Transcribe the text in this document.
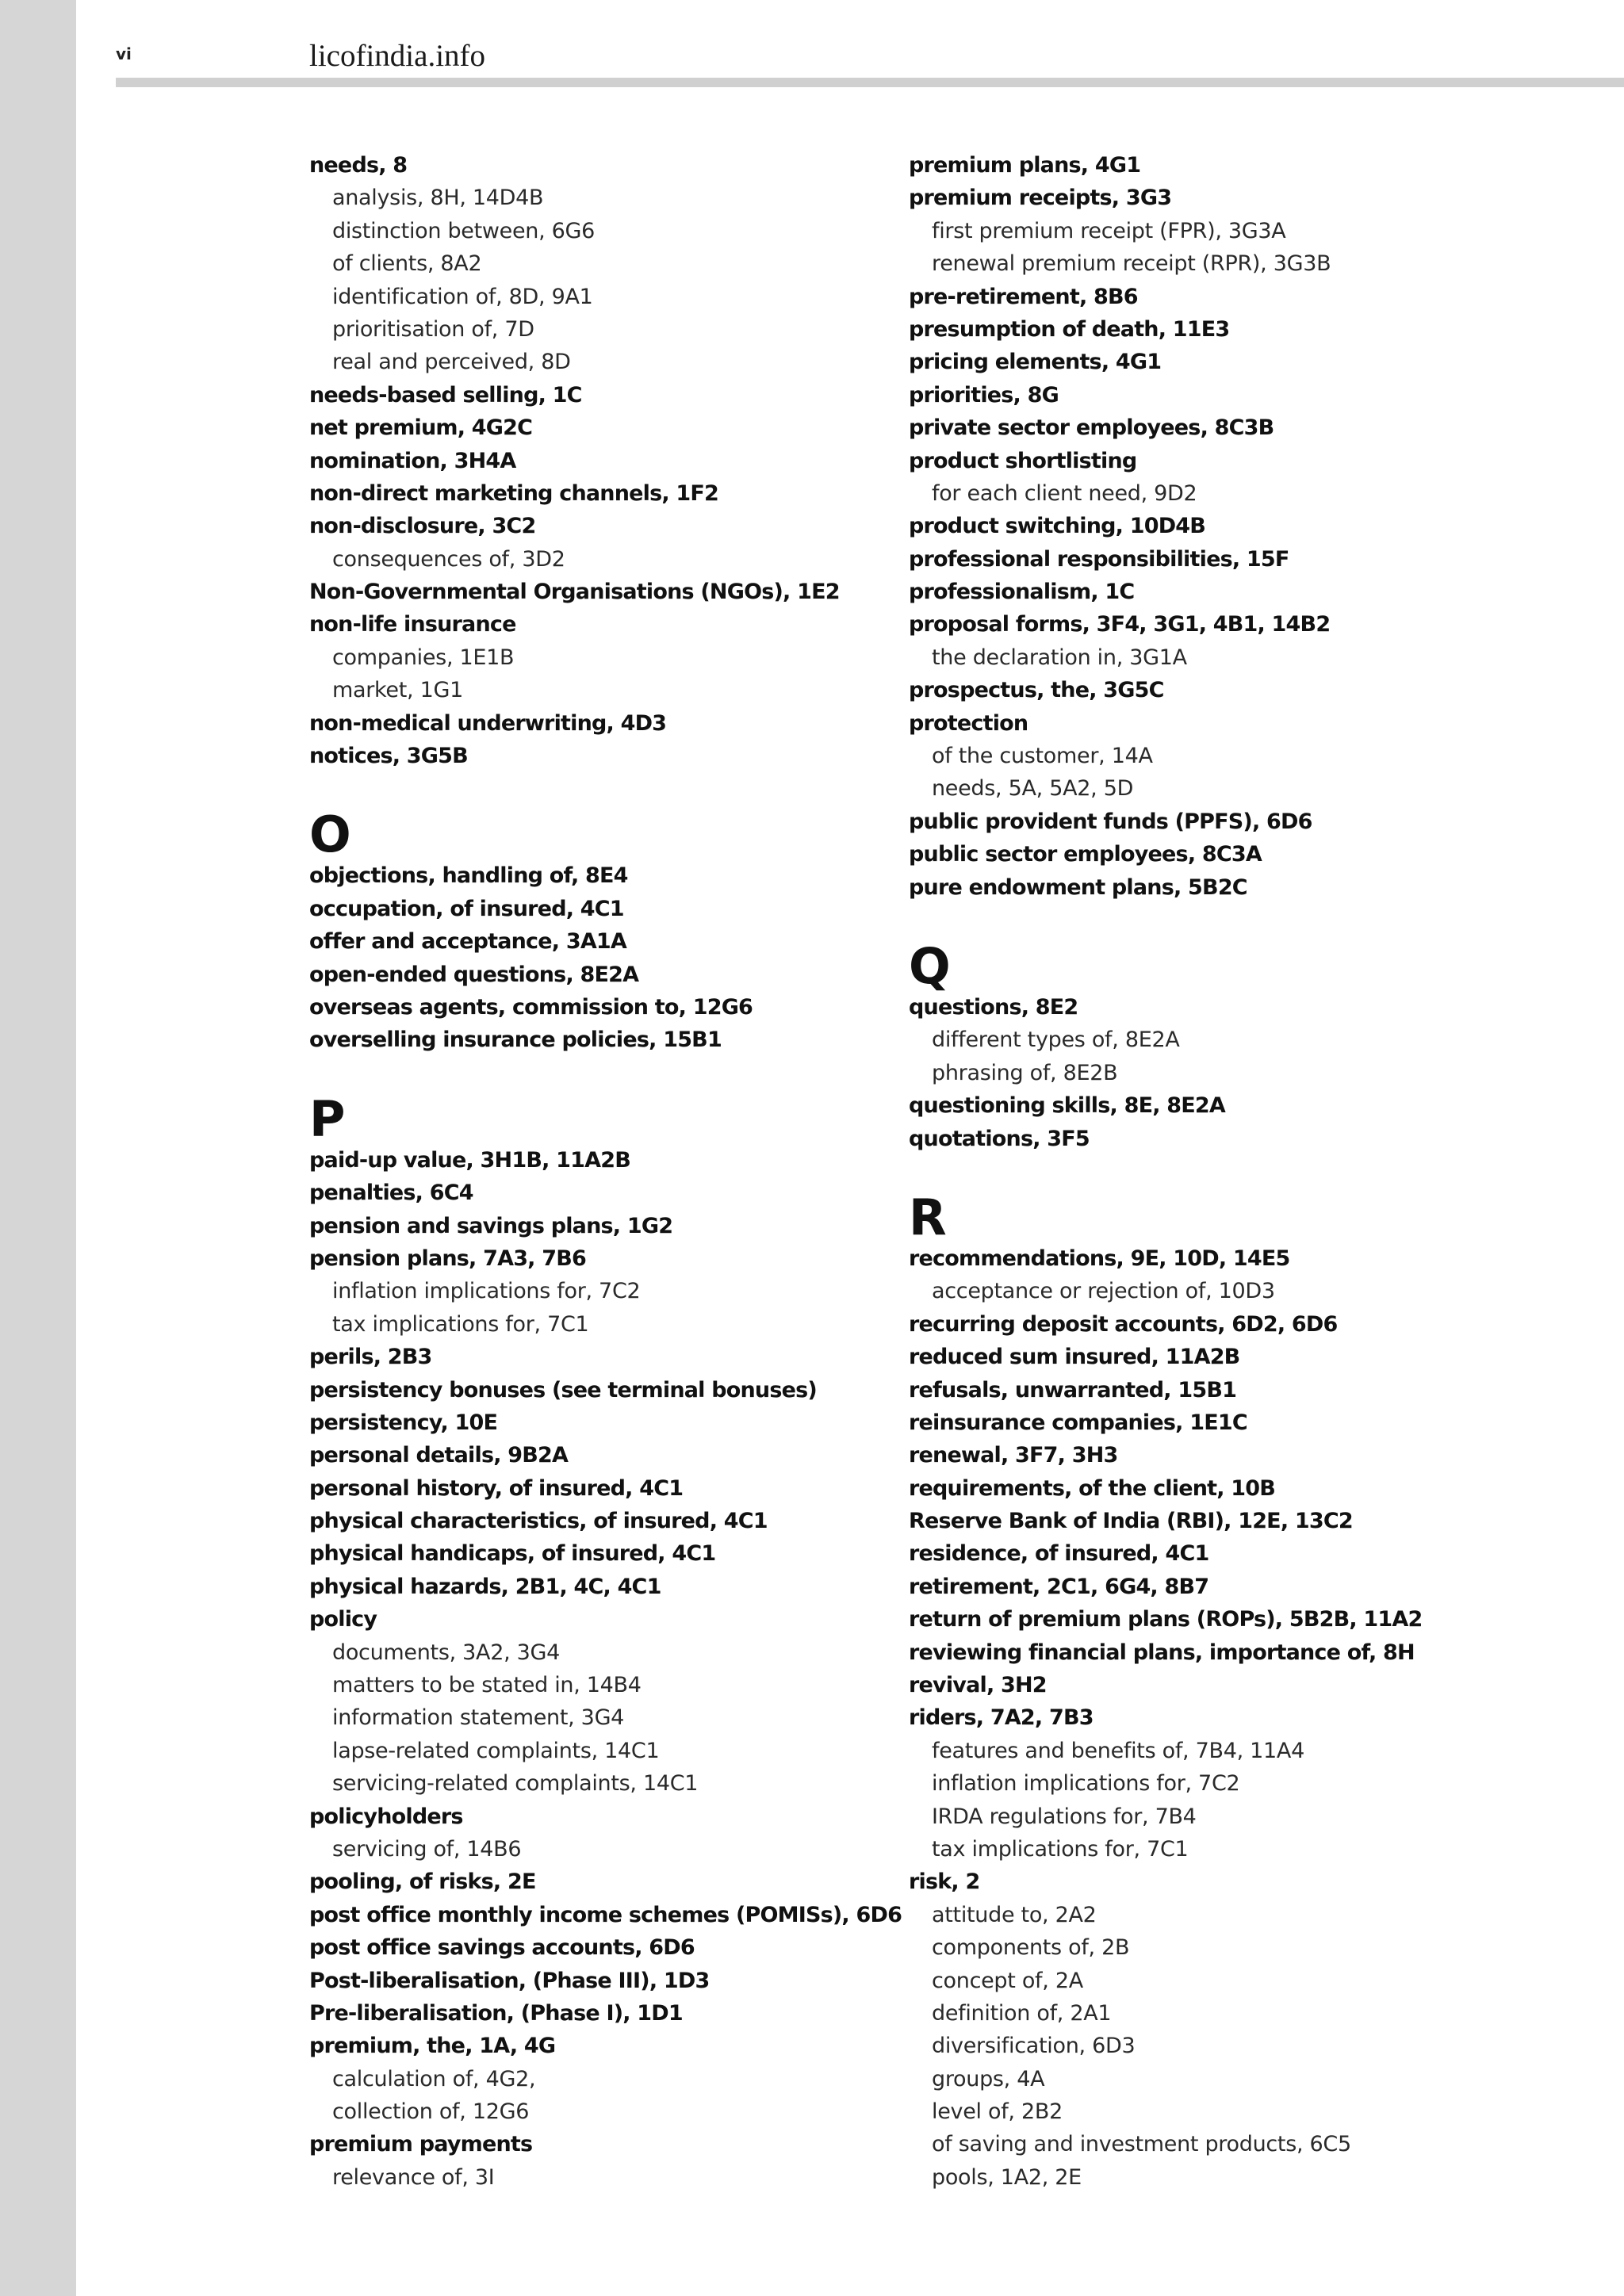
vi	licofindia.info
needs, 8
analysis, 8H, 14D4B
distinction between, 6G6
of clients, 8A2
identification of, 8D, 9A1
prioritisation of, 7D
real and perceived, 8D
needs-based selling, 1C
net premium, 4G2C
nomination, 3H4A
non-direct marketing channels, 1F2
non-disclosure, 3C2
consequences of, 3D2
Non-Governmental Organisations (NGOs), 1E2
non-life insurance
companies, 1E1B
market, 1G1
non-medical underwriting, 4D3
notices, 3G5B
O
objections, handling of, 8E4
occupation, of insured, 4C1
offer and acceptance, 3A1A
open-ended questions, 8E2A
overseas agents, commission to, 12G6
overselling insurance policies, 15B1
P
paid-up value, 3H1B, 11A2B
penalties, 6C4
pension and savings plans, 1G2
pension plans, 7A3, 7B6
inflation implications for, 7C2
tax implications for, 7C1
perils, 2B3
persistency bonuses (see terminal bonuses)
persistency, 10E
personal details, 9B2A
personal history, of insured, 4C1
physical characteristics, of insured, 4C1
physical handicaps, of insured, 4C1
physical hazards, 2B1, 4C, 4C1
policy
documents, 3A2, 3G4
matters to be stated in, 14B4
information statement, 3G4
lapse-related complaints, 14C1
servicing-related complaints, 14C1
policyholders
servicing of, 14B6
pooling, of risks, 2E
post office monthly income schemes (POMISs), 6D6
post office savings accounts, 6D6
Post-liberalisation, (Phase III), 1D3
Pre-liberalisation, (Phase I), 1D1
premium, the, 1A, 4G
calculation of, 4G2,
collection of, 12G6
premium payments
relevance of, 3I
premium plans, 4G1
premium receipts, 3G3
first premium receipt (FPR), 3G3A
renewal premium receipt (RPR), 3G3B
pre-retirement, 8B6
presumption of death, 11E3
pricing elements, 4G1
priorities, 8G
private sector employees, 8C3B
product shortlisting
for each client need, 9D2
product switching, 10D4B
professional responsibilities, 15F
professionalism, 1C
proposal forms, 3F4, 3G1, 4B1, 14B2
the declaration in, 3G1A
prospectus, the, 3G5C
protection
of the customer, 14A
needs, 5A, 5A2, 5D
public provident funds (PPFS), 6D6
public sector employees, 8C3A
pure endowment plans, 5B2C
Q
questions, 8E2
different types of, 8E2A
phrasing of, 8E2B
questioning skills, 8E, 8E2A
quotations, 3F5
R
recommendations, 9E, 10D, 14E5
acceptance or rejection of, 10D3
recurring deposit accounts, 6D2, 6D6
reduced sum insured, 11A2B
refusals, unwarranted, 15B1
reinsurance companies, 1E1C
renewal, 3F7, 3H3
requirements, of the client, 10B
Reserve Bank of India (RBI), 12E, 13C2
residence, of insured, 4C1
retirement, 2C1, 6G4, 8B7
return of premium plans (ROPs), 5B2B, 11A2
reviewing financial plans, importance of, 8H
revival, 3H2
riders, 7A2, 7B3
features and benefits of, 7B4, 11A4
inflation implications for, 7C2
IRDA regulations for, 7B4
tax implications for, 7C1
risk, 2
attitude to, 2A2
components of, 2B
concept of, 2A
definition of, 2A1
diversification, 6D3
groups, 4A
level of, 2B2
of saving and investment products, 6C5
pools, 1A2, 2E
